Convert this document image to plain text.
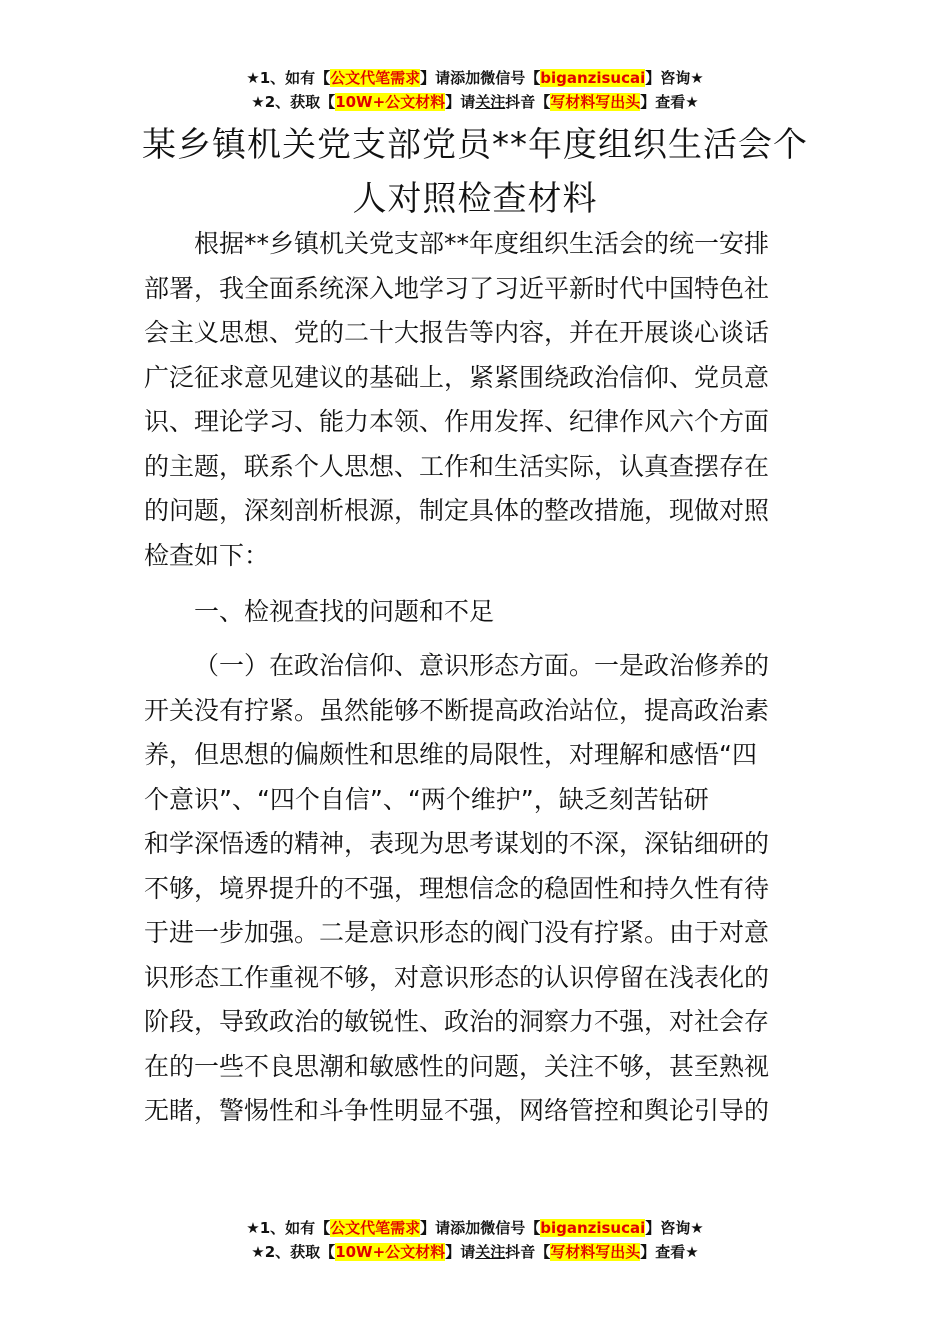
★1、如有【公文代笔需求】请添加微信号【biganzisucai】咨询★
★2、获取【10W+公文材料】请关注抖音【写材料写出头】查看★
某乡镇机关党支部党员**年度组织生活会个
人对照检查材料
根据**乡镇机关党支部**年度组织生活会的统一安排
部署，我全面系统深入地学习了习近平新时代中国特色社
会主义思想、党的二十大报告等内容，并在开展谈心谈话
广泛征求意见建议的基础上，紧紧围绕政治信仰、党员意
识、理论学习、能力本领、作用发挥、纪律作风六个方面
的主题，联系个人思想、工作和生活实际，认真查摆存在
的问题，深刻剖析根源，制定具体的整改措施，现做对照
检查如下：
一、检视查找的问题和不足
（一）在政治信仰、意识形态方面。一是政治修养的
开关没有拧紧。虽然能够不断提高政治站位，提高政治素
养，但思想的偏颇性和思维的局限性，对理解和感悟“四
个意识”、“四个自信”、“两个维护”，缺乏刻苦钻研
和学深悟透的精神，表现为思考谋划的不深，深钻细研的
不够，境界提升的不强，理想信念的稳固性和持久性有待
于进一步加强。二是意识形态的阀门没有拧紧。由于对意
识形态工作重视不够，对意识形态的认识停留在浅表化的
阶段，导致政治的敏锐性、政治的洞察力不强，对社会存
在的一些不良思潮和敏感性的问题，关注不够，甚至熟视
无睹，警惕性和斗争性明显不强，网络管控和舆论引导的
★1、如有【公文代笔需求】请添加微信号【biganzisucai】咨询★
★2、获取【10W+公文材料】请关注抖音【写材料写出头】查看★
